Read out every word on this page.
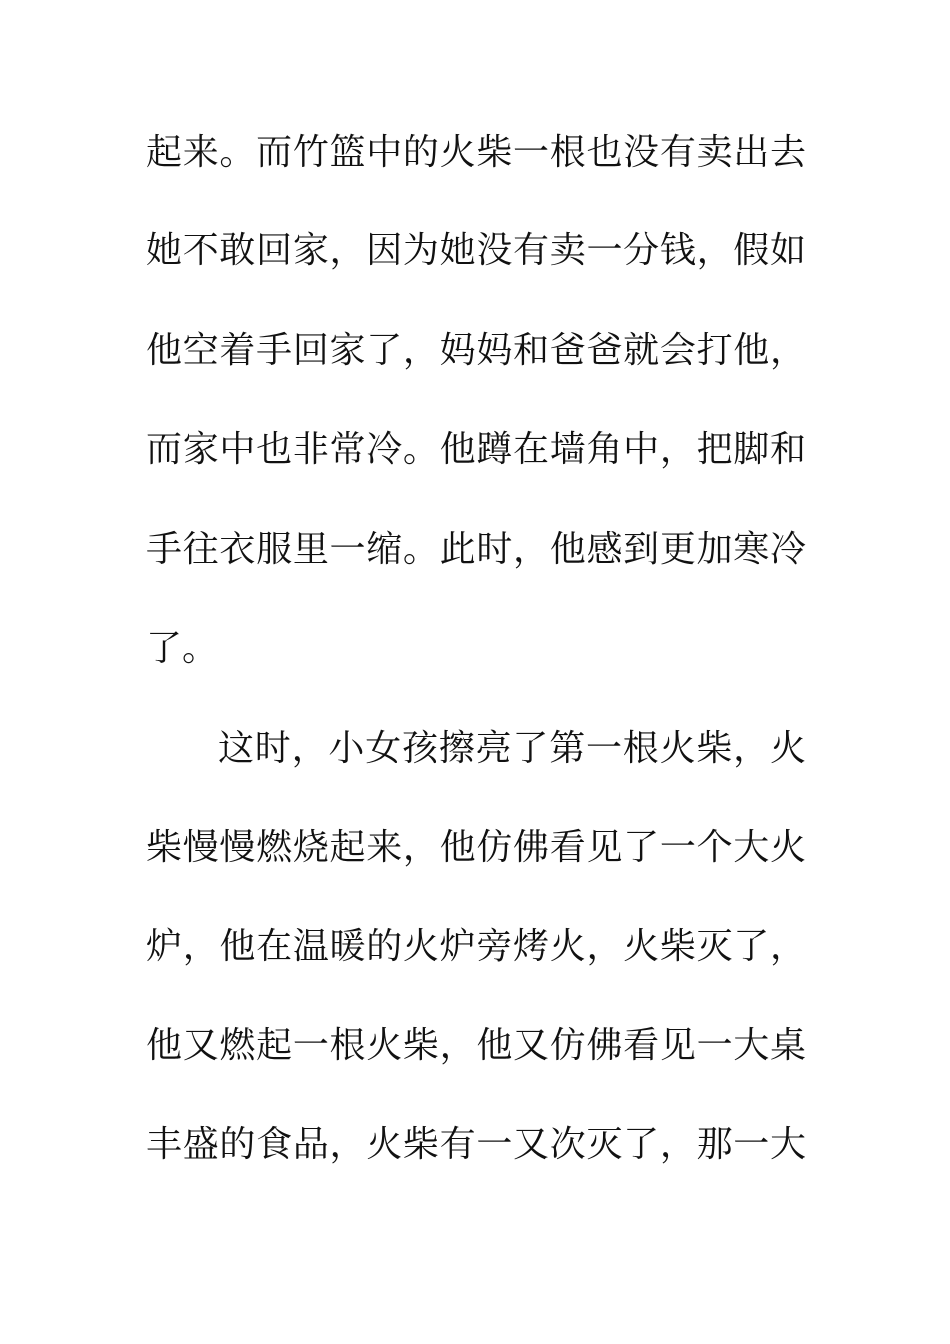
起来。而竹篮中的火柴一根也没有卖出去
她不敢回家，因为她没有卖一分钱，假如
他空着手回家了，妈妈和爸爸就会打他，
而家中也非常冷。他蹲在墙角中，把脚和
手往衣服里一缩。此时，他感到更加寒冷
了。
这时，小女孩擦亮了第一根火柴，火
柴慢慢燃烧起来，他仿佛看见了一个大火
炉，他在温暖的火炉旁烤火，火柴灭了，
他又燃起一根火柴，他又仿佛看见一大桌
丰盛的食品，火柴有一又次灭了，那一大
